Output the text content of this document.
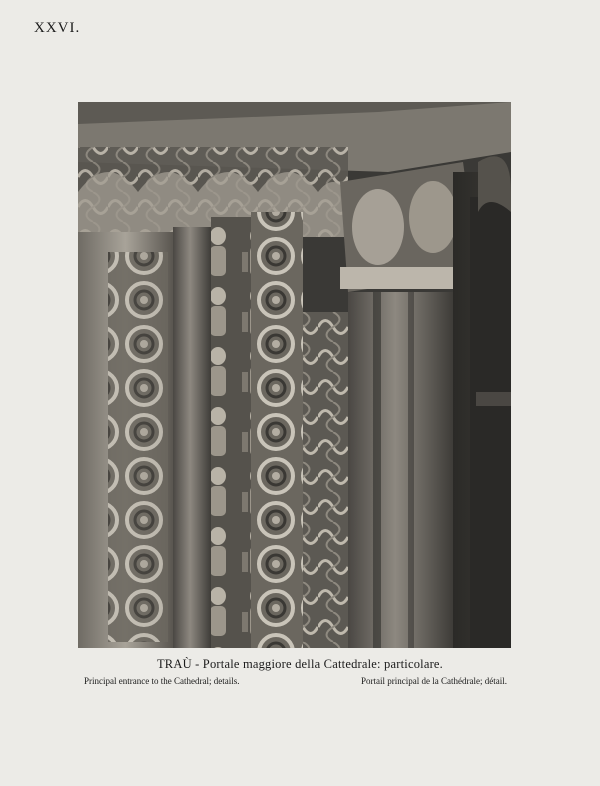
XXVI.
TRAÙ - Portale maggiore della Cattedrale: particolare.
Principal entrance to the Cathedral; details.	Portail principal de la Cathédrale; détail.
